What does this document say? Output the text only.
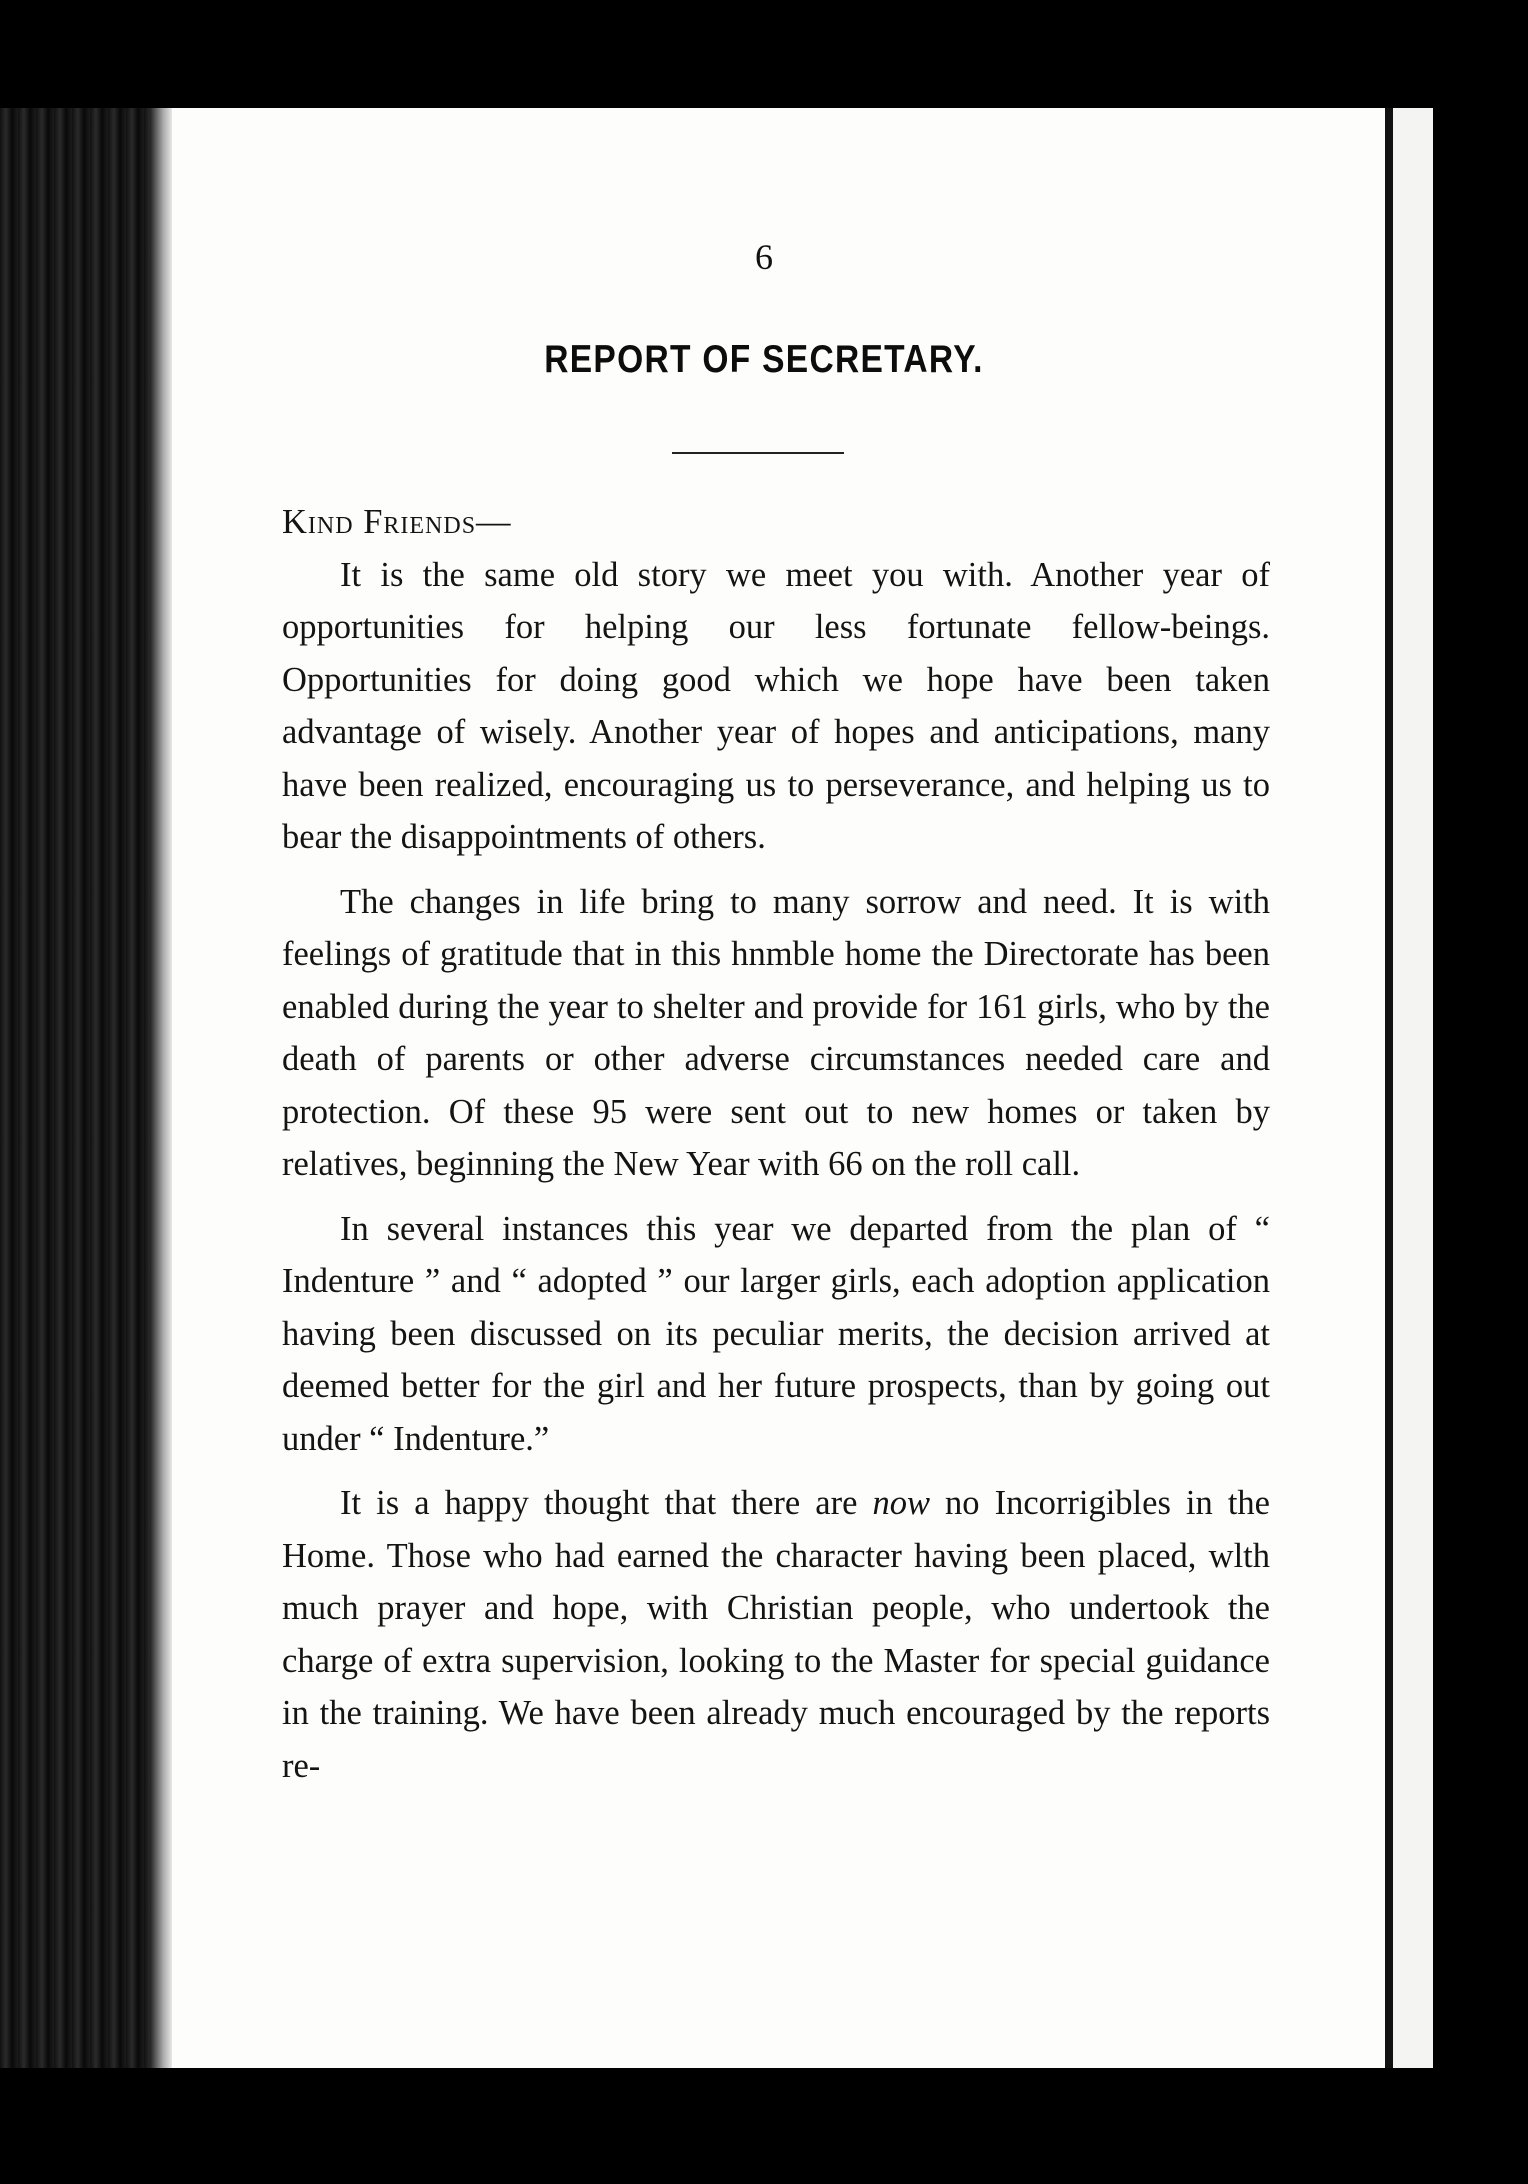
6
REPORT OF SECRETARY.

Kind Friends—

It is the same old story we meet you with. Another year of opportunities for helping our less fortunate fellow-beings. Opportunities for doing good which we hope have been taken advantage of wisely. Another year of hopes and anticipations, many have been realized, encouraging us to perseverance, and helping us to bear the disappointments of others.

The changes in life bring to many sorrow and need. It is with feelings of gratitude that in this hnmble home the Directorate has been enabled during the year to shelter and provide for 161 girls, who by the death of parents or other adverse circumstances needed care and protection. Of these 95 were sent out to new homes or taken by relatives, beginning the New Year with 66 on the roll call.

In several instances this year we departed from the plan of “ Indenture ” and “ adopted ” our larger girls, each adoption application having been discussed on its peculiar merits, the decision arrived at deemed better for the girl and her future prospects, than by going out under “ Indenture.”

It is a happy thought that there are now no Incorrigibles in the Home. Those who had earned the character having been placed, wlth much prayer and hope, with Christian people, who undertook the charge of extra supervision, looking to the Master for special guidance in the training. We have been already much encouraged by the reports re-
